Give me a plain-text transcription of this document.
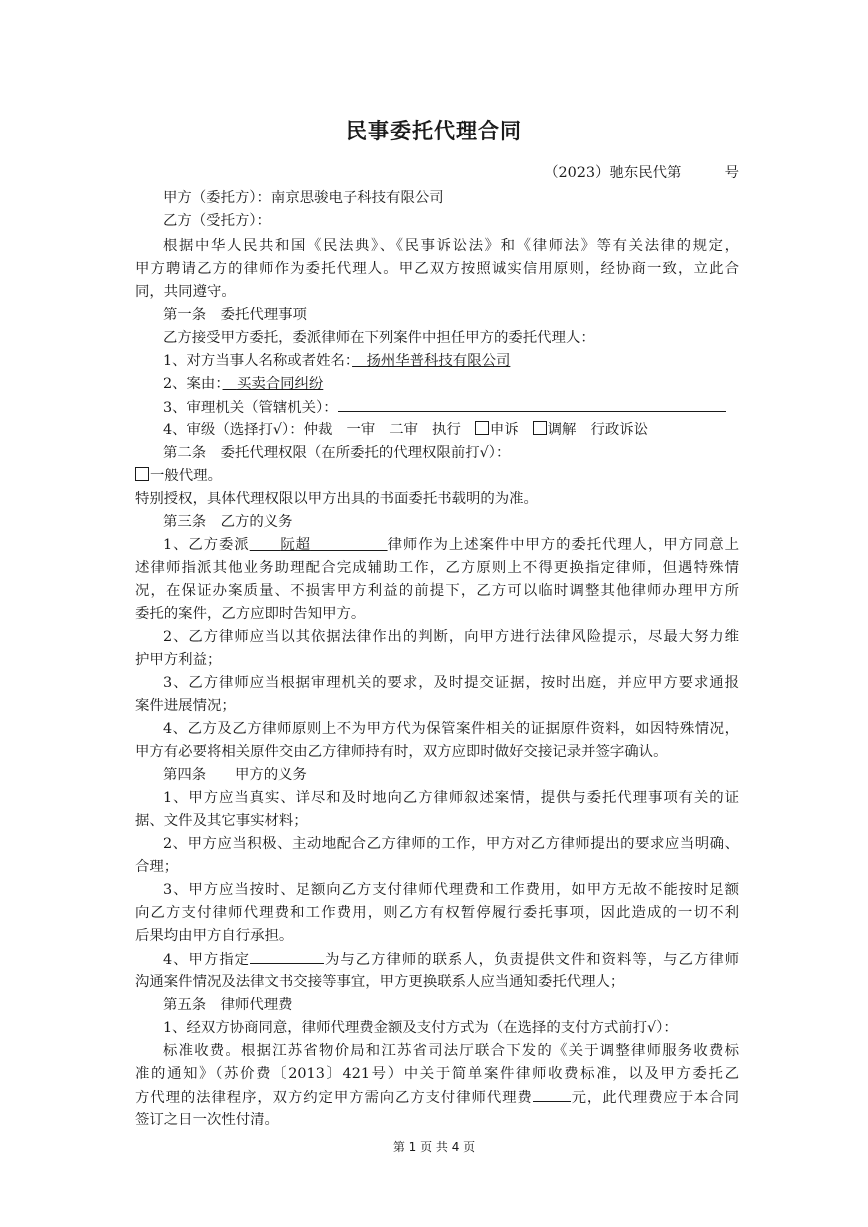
民事委托代理合同
（2023）驰东民代第　　　号
甲方（委托方）：南京思骏电子科技有限公司
乙方（受托方）：
根据中华人民共和国《民法典》、《民事诉讼法》和《律师法》等有关法律的规定，
甲方聘请乙方的律师作为委托代理人。甲乙双方按照诚实信用原则，经协商一致，立此合
同，共同遵守。
第一条　委托代理事项
乙方接受甲方委托，委派律师在下列案件中担任甲方的委托代理人：
1、对方当事人名称或者姓名：　 扬州华普科技有限公司
2、案由：　 买卖合同纠纷
3、审理机关（管辖机关）：
4、审级（选择打√）：仲裁 一审 二审 执行 申诉 调解 行政诉讼
第二条　委托代理权限（在所委托的代理权限前打√）：
一般代理。
特别授权，具体代理权限以甲方出具的书面委托书载明的为准。
第三条　乙方的义务
1、乙方委派　　 阮超　　　　　	律师作为上述案件中甲方的委托代理人，甲方同意上
述律师指派其他业务助理配合完成辅助工作，乙方原则上不得更换指定律师，但遇特殊情
况，在保证办案质量、不损害甲方利益的前提下，乙方可以临时调整其他律师办理甲方所
委托的案件，乙方应即时告知甲方。
2、乙方律师应当以其依据法律作出的判断，向甲方进行法律风险提示，尽最大努力维
护甲方利益；
3、乙方律师应当根据审理机关的要求，及时提交证据，按时出庭，并应甲方要求通报
案件进展情况；
4、乙方及乙方律师原则上不为甲方代为保管案件相关的证据原件资料，如因特殊情况，
甲方有必要将相关原件交由乙方律师持有时，双方应即时做好交接记录并签字确认。
第四条　　甲方的义务
1、甲方应当真实、详尽和及时地向乙方律师叙述案情，提供与委托代理事项有关的证
据、文件及其它事实材料；
2、甲方应当积极、主动地配合乙方律师的工作，甲方对乙方律师提出的要求应当明确、
合理；
3、甲方应当按时、足额向乙方支付律师代理费和工作费用，如甲方无故不能按时足额
向乙方支付律师代理费和工作费用，则乙方有权暂停履行委托事项，因此造成的一切不利
后果均由甲方自行承担。
4、甲方指定	为与乙方律师的联系人，负责提供文件和资料等，与乙方律师
沟通案件情况及法律文书交接等事宜，甲方更换联系人应当通知委托代理人；
第五条　律师代理费
1、经双方协商同意，律师代理费金额及支付方式为（在选择的支付方式前打√）：
标准收费。根据江苏省物价局和江苏省司法厅联合下发的《关于调整律师服务收费标
准的通知》（苏价费〔2013〕421号）中关于简单案件律师收费标准，以及甲方委托乙
方代理的法律程序，双方约定甲方需向乙方支付律师代理费	元，此代理费应于本合同
签订之日一次性付清。
第 1 页 共 4 页
